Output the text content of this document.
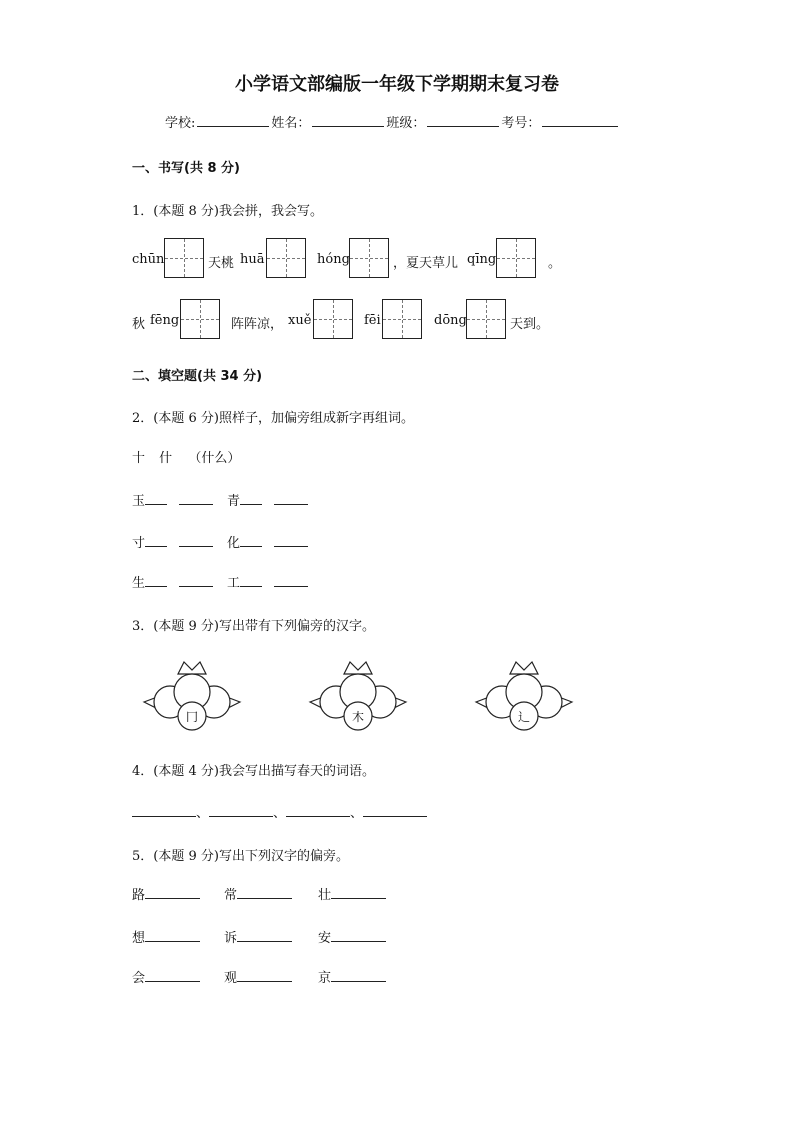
小学语文部编版一年级下学期期末复习卷
学校:	姓名：	班级：	考号：
一、书写(共 8 分)
1．(本题 8 分)我会拼，我会写。
chūn	天桃 huā	hóng	，夏天草儿 qīng	。
秋 fēng	阵阵凉， xuě	fēi	dōng	天到。
二、填空题(共 34 分)
2．(本题 6 分)照样子，加偏旁组成新字再组词。
十 什 （什么）
玉	青
寸	化
生	工
3．(本题 9 分)写出带有下列偏旁的汉字。
4．(本题 4 分)我会写出描写春天的词语。
、	、	、
5．(本题 9 分)写出下列汉字的偏旁。
路	常	壮
想	诉	安
会	观	京
